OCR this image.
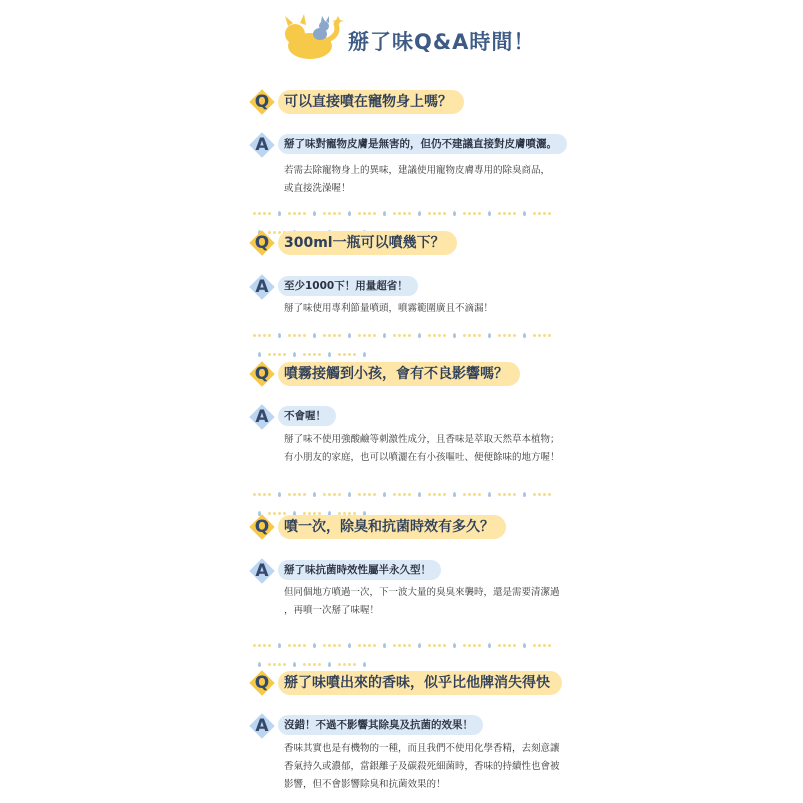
掰了味Q&A時間！
Q	可以直接噴在寵物身上嗎？
A	掰了味對寵物皮膚是無害的，但仍不建議直接對皮膚噴灑。
若需去除寵物身上的異味，建議使用寵物皮膚專用的除臭商品，
或直接洗澡喔！
Q	300ml一瓶可以噴幾下？
A	至少1000下！用量超省！
掰了味使用專利節量噴頭，噴霧範圍廣且不滴漏！
Q	噴霧接觸到小孩，會有不良影響嗎？
A	不會喔！
掰了味不使用強酸鹼等刺激性成分，且香味是萃取天然草本植物；
有小朋友的家庭，也可以噴灑在有小孩嘔吐、便便餘味的地方喔！
Q	噴一次，除臭和抗菌時效有多久？
A	掰了味抗菌時效性屬半永久型！
但同個地方噴過一次，下一波大量的臭臭來襲時，還是需要清潔過
，再噴一次掰了味喔！
Q	掰了味噴出來的香味，似乎比他牌消失得快
A	沒錯！不過不影響其除臭及抗菌的效果！
香味其實也是有機物的一種，而且我們不使用化學香精，去刻意讓
香氣持久或濃郁，當銀離子及碳殺死細菌時，香味的持續性也會被
影響，但不會影響除臭和抗菌效果的！
